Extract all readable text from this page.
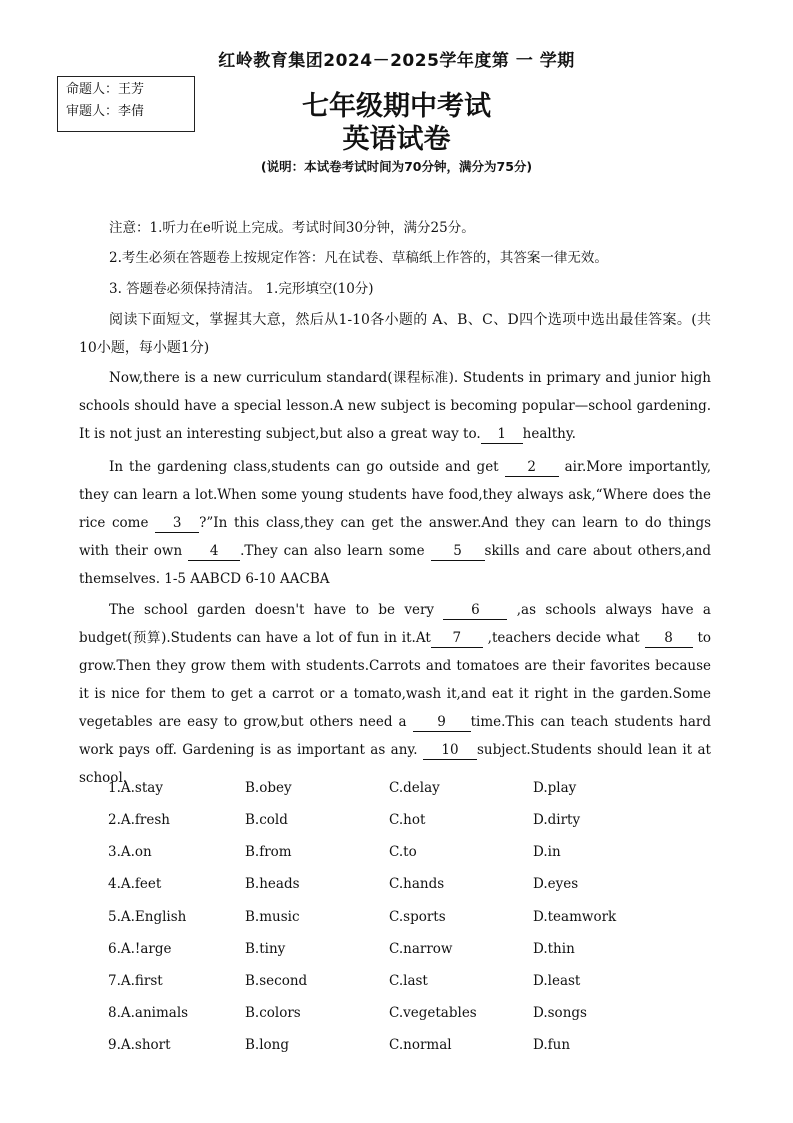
红岭教育集团2024－2025学年度第 一 学期
命题人：王芳
审题人：李倩	七年级期中考试
英语试卷
(说明：本试卷考试时间为70分钟，满分为75分)

注意：1.听力在e听说上完成。考试时间30分钟，满分25分。

2.考生必须在答题卷上按规定作答：凡在试卷、草稿纸上作答的，其答案一律无效。

3. 答题卷必须保持清洁。 1.完形填空(10分)

阅读下面短文，掌握其大意，然后从1-10各小题的 A、B、C、D四个选项中选出最佳答案。(共 10小题，每小题1分)

Now,there is a new curriculum standard(课程标准). Students in primary and junior high schools should have a special lesson.A new subject is becoming popular—school gardening. It is not just an interesting subject,but also a great way to. 1 healthy.

In the gardening class,students can go outside and get 2 air.More importantly, they can learn a lot.When some young students have food,they always ask,“Where does the rice come 3 ?”In this class,they can get the answer.And they can learn to do things with their own 4 .They can also learn some 5 skills and care about others,and themselves. 1-5 AABCD 6-10 AACBA

The school garden doesn't have to be very	6	,as schools always have a budget(预算).Students can have a lot of fun in it.At 7 ,teachers decide what 8 to grow.Then they grow them with students.Carrots and tomatoes are their favorites because it is nice for them to get a carrot or a tomato,wash it,and eat it right in the garden.Some vegetables are easy to grow,but others need a 9 time.This can teach students hard work pays off. Gardening is as important as any. 10 subject.Students should lean it at school.

1.A.stay	B.obey	C.delay	D.play
2.A.fresh	B.cold	C.hot	D.dirty
3.A.on	B.from	C.to	D.in
4.A.feet	B.heads	C.hands	D.eyes
5.A.English	B.music	C.sports	D.teamwork
6.A.!arge	B.tiny	C.narrow	D.thin
7.A.first	B.second	C.last	D.least
8.A.animals	B.colors	C.vegetables	D.songs
9.A.short	B.long	C.normal	D.fun
